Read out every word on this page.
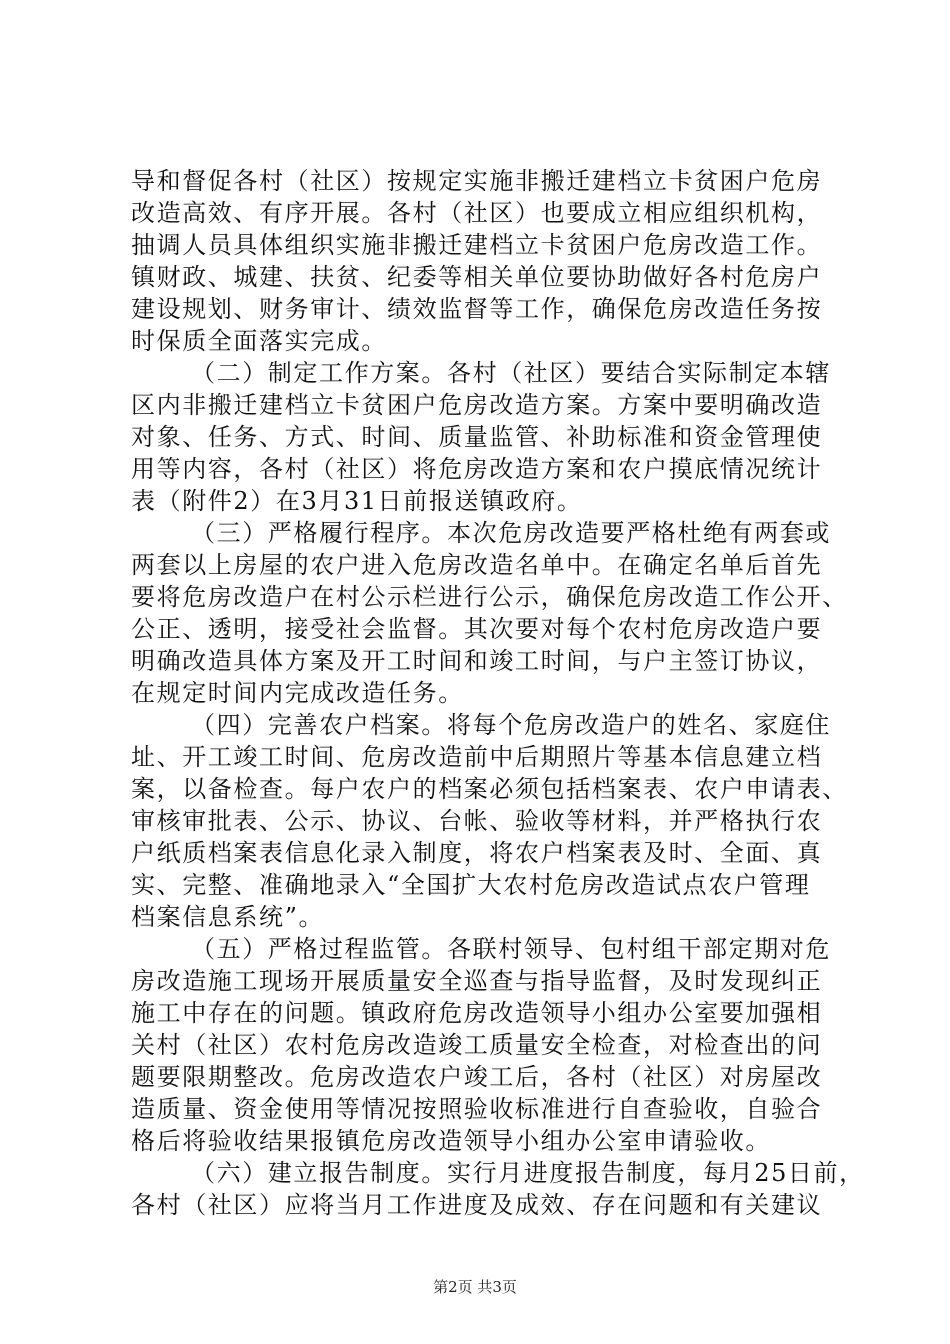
导和督促各村（社区）按规定实施非搬迁建档立卡贫困户危房
改造高效、有序开展。各村（社区）也要成立相应组织机构，
抽调人员具体组织实施非搬迁建档立卡贫困户危房改造工作。
镇财政、城建、扶贫、纪委等相关单位要协助做好各村危房户
建设规划、财务审计、绩效监督等工作，确保危房改造任务按
时保质全面落实完成。
（二）制定工作方案。各村（社区）要结合实际制定本辖
区内非搬迁建档立卡贫困户危房改造方案。方案中要明确改造
对象、任务、方式、时间、质量监管、补助标准和资金管理使
用等内容，各村（社区）将危房改造方案和农户摸底情况统计
表（附件2）在3月31日前报送镇政府。
（三）严格履行程序。本次危房改造要严格杜绝有两套或
两套以上房屋的农户进入危房改造名单中。在确定名单后首先
要将危房改造户在村公示栏进行公示，确保危房改造工作公开、
公正、透明，接受社会监督。其次要对每个农村危房改造户要
明确改造具体方案及开工时间和竣工时间，与户主签订协议，
在规定时间内完成改造任务。
（四）完善农户档案。将每个危房改造户的姓名、家庭住
址、开工竣工时间、危房改造前中后期照片等基本信息建立档
案，以备检查。每户农户的档案必须包括档案表、农户申请表、
审核审批表、公示、协议、台帐、验收等材料，并严格执行农
户纸质档案表信息化录入制度，将农户档案表及时、全面、真
实、完整、准确地录入“全国扩大农村危房改造试点农户管理
档案信息系统”。
（五）严格过程监管。各联村领导、包村组干部定期对危
房改造施工现场开展质量安全巡查与指导监督，及时发现纠正
施工中存在的问题。镇政府危房改造领导小组办公室要加强相
关村（社区）农村危房改造竣工质量安全检查，对检查出的问
题要限期整改。危房改造农户竣工后，各村（社区）对房屋改
造质量、资金使用等情况按照验收标准进行自查验收，自验合
格后将验收结果报镇危房改造领导小组办公室申请验收。
（六）建立报告制度。实行月进度报告制度，每月25日前，
各村（社区）应将当月工作进度及成效、存在问题和有关建议
第2页 共3页
